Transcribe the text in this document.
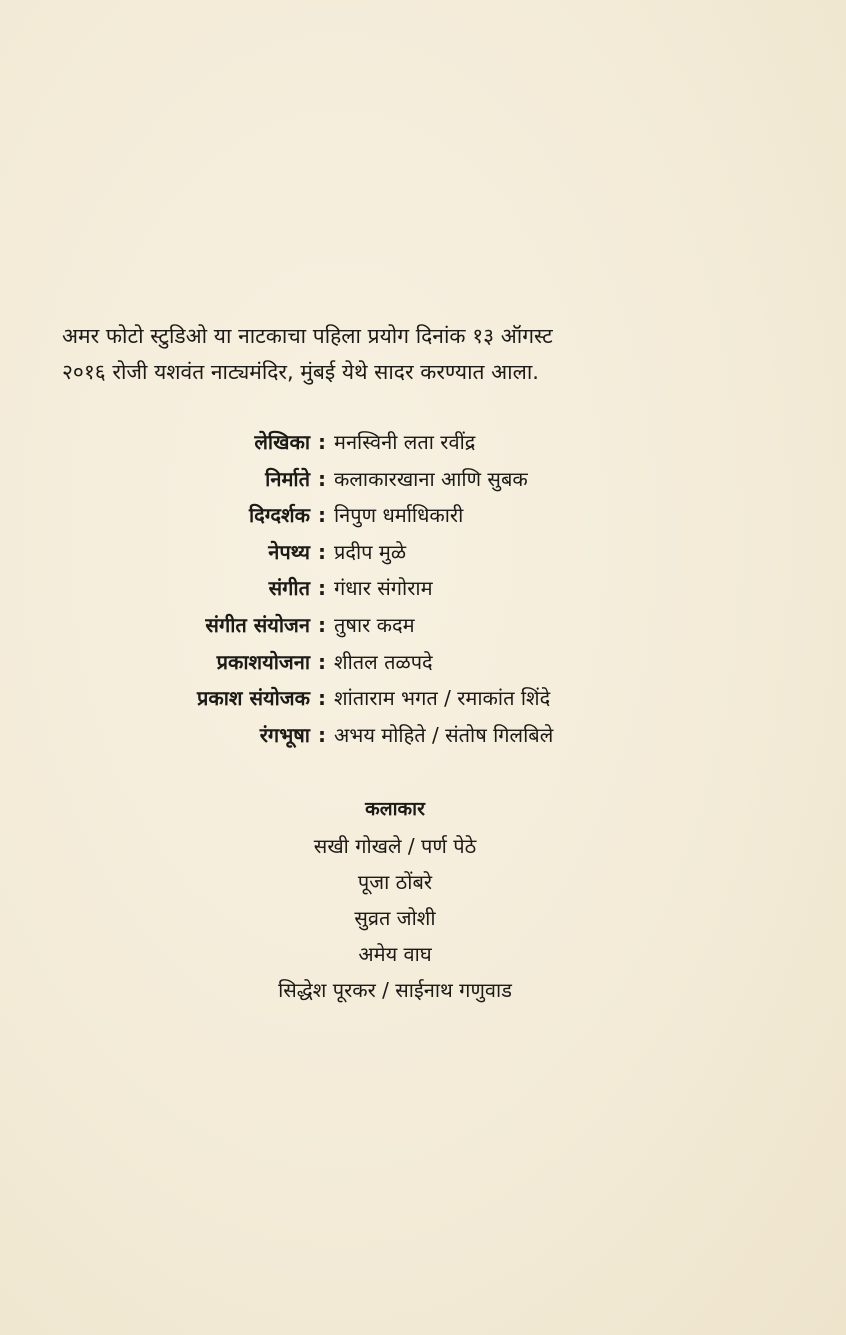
अमर फोटो स्टुडिओ या नाटकाचा पहिला प्रयोग दिनांक १३ ऑगस्ट

२०१६ रोजी यशवंत नाट्यमंदिर, मुंबई येथे सादर करण्यात आला.

लेखिका : मनस्विनी लता रवींद्र
निर्माते : कलाकारखाना आणि सुबक
दिग्दर्शक : निपुण धर्माधिकारी
नेपथ्य : प्रदीप मुळे
संगीत : गंधार संगोराम
संगीत संयोजन : तुषार कदम
प्रकाशयोजना : शीतल तळपदे
प्रकाश संयोजक : शांताराम भगत / रमाकांत शिंदे
रंगभूषा : अभय मोहिते / संतोष गिलबिले
कलाकार
सखी गोखले / पर्ण पेठे
पूजा ठोंबरे
सुव्रत जोशी
अमेय वाघ
सिद्धेश पूरकर / साईनाथ गणुवाड
